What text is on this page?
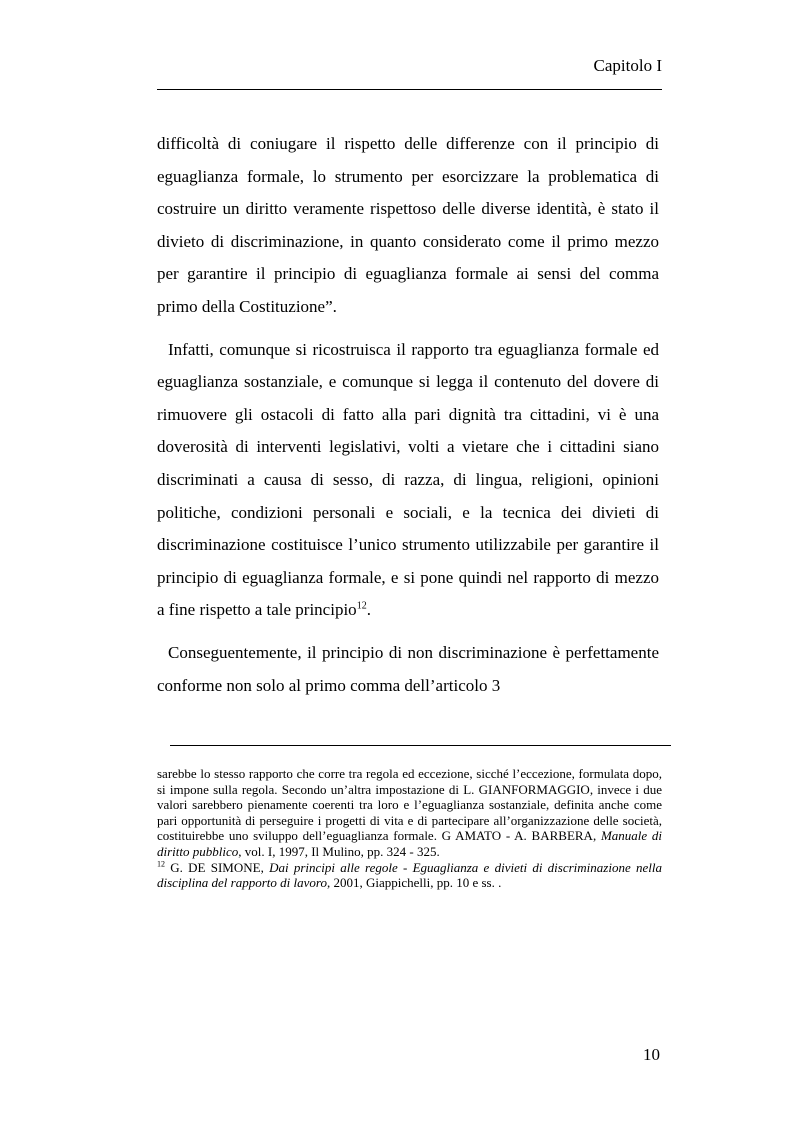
Capitolo I

difficoltà di coniugare il rispetto delle differenze con il principio di eguaglianza formale, lo strumento per esorcizzare la problematica di costruire un diritto veramente rispettoso delle diverse identità, è stato il divieto di discriminazione, in quanto considerato come il primo mezzo per garantire il principio di eguaglianza formale ai sensi del comma primo della Costituzione”.

Infatti, comunque si ricostruisca il rapporto tra eguaglianza formale ed eguaglianza sostanziale, e comunque si legga il contenuto del dovere di rimuovere gli ostacoli di fatto alla pari dignità tra cittadini, vi è una doverosità di interventi legislativi, volti a vietare che i cittadini siano discriminati a causa di sesso, di razza, di lingua, religioni, opinioni politiche, condizioni personali e sociali, e la tecnica dei divieti di discriminazione costituisce l’unico strumento utilizzabile per garantire il principio di eguaglianza formale, e si pone quindi nel rapporto di mezzo a fine rispetto a tale principio$^{12}$.

Conseguentemente, il principio di non discriminazione è perfettamente conforme non solo al primo comma dell’articolo 3

sarebbe lo stesso rapporto che corre tra regola ed eccezione, sicché l’eccezione, formulata dopo, si impone sulla regola. Secondo un’altra impostazione di L. GIANFORMAGGIO, invece i due valori sarebbero pienamente coerenti tra loro e l’eguaglianza sostanziale, definita anche come pari opportunità di perseguire i progetti di vita e di partecipare all’organizzazione delle società, costituirebbe uno sviluppo dell’eguaglianza formale. G AMATO - A. BARBERA, Manuale di diritto pubblico, vol. I, 1997, Il Mulino, pp. 324 - 325.

$^{12}$ G. DE SIMONE, Dai principi alle regole - Eguaglianza e divieti di discriminazione nella disciplina del rapporto di lavoro, 2001, Giappichelli, pp. 10 e ss. .

10
